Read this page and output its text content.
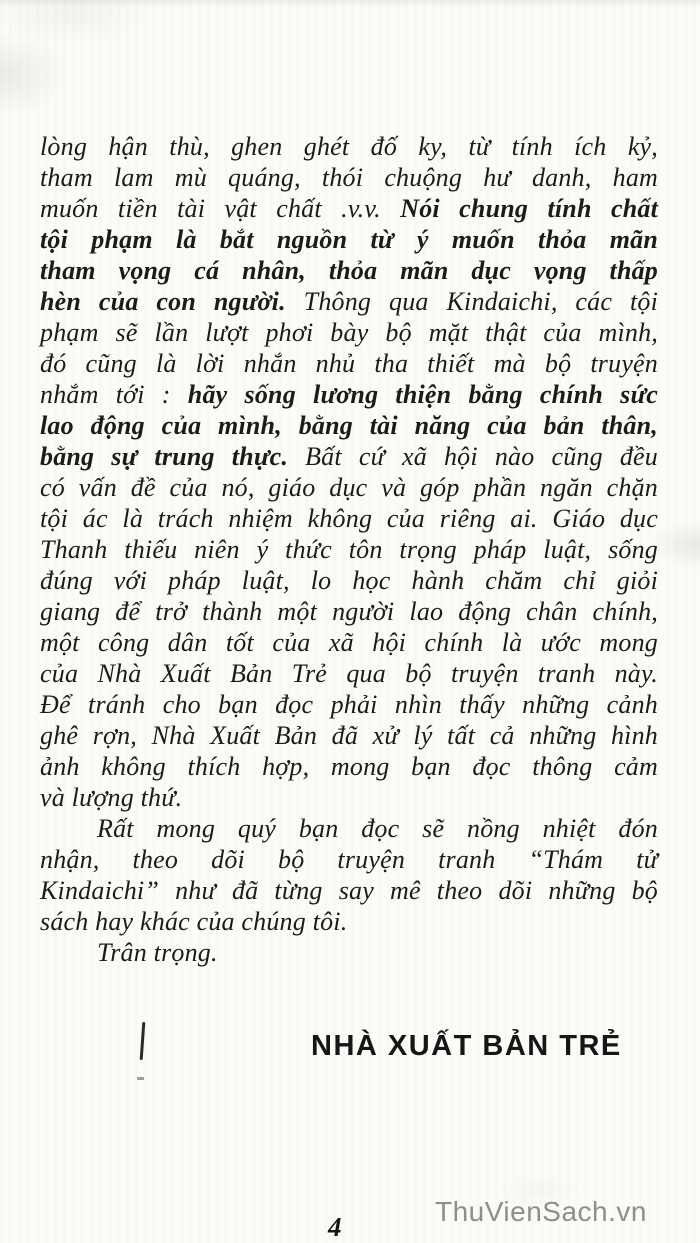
lòng hận thù, ghen ghét đố ky, từ tính ích kỷ,
tham lam mù quáng, thói chuộng hư danh, ham
muốn tiền tài vật chất .v.v. Nói chung tính chất
tội phạm là bắt nguồn từ ý muốn thỏa mãn
tham vọng cá nhân, thỏa mãn dục vọng thấp
hèn của con người. Thông qua Kindaichi, các tội
phạm sẽ lần lượt phơi bày bộ mặt thật của mình,
đó cũng là lời nhắn nhủ tha thiết mà bộ truyện
nhắm tới : hãy sống lương thiện bằng chính sức
lao động của mình, bằng tài năng của bản thân,
bằng sự trung thực. Bất cứ xã hội nào cũng đều
có vấn đề của nó, giáo dục và góp phần ngăn chặn
tội ác là trách nhiệm không của riêng ai. Giáo dục
Thanh thiếu niên ý thức tôn trọng pháp luật, sống
đúng với pháp luật, lo học hành chăm chỉ giỏi
giang để trở thành một người lao động chân chính,
một công dân tốt của xã hội chính là ước mong
của Nhà Xuất Bản Trẻ qua bộ truyện tranh này.
Để tránh cho bạn đọc phải nhìn thấy những cảnh
ghê rợn, Nhà Xuất Bản đã xử lý tất cả những hình
ảnh không thích hợp, mong bạn đọc thông cảm
và lượng thứ.
Rất mong quý bạn đọc sẽ nồng nhiệt đón
nhận, theo dõi bộ truyện tranh “Thám tử
Kindaichi” như đã từng say mê theo dõi những bộ
sách hay khác của chúng tôi.
Trân trọng.
NHÀ XUẤT BẢN TRẺ
4	ThuVienSach.vn
